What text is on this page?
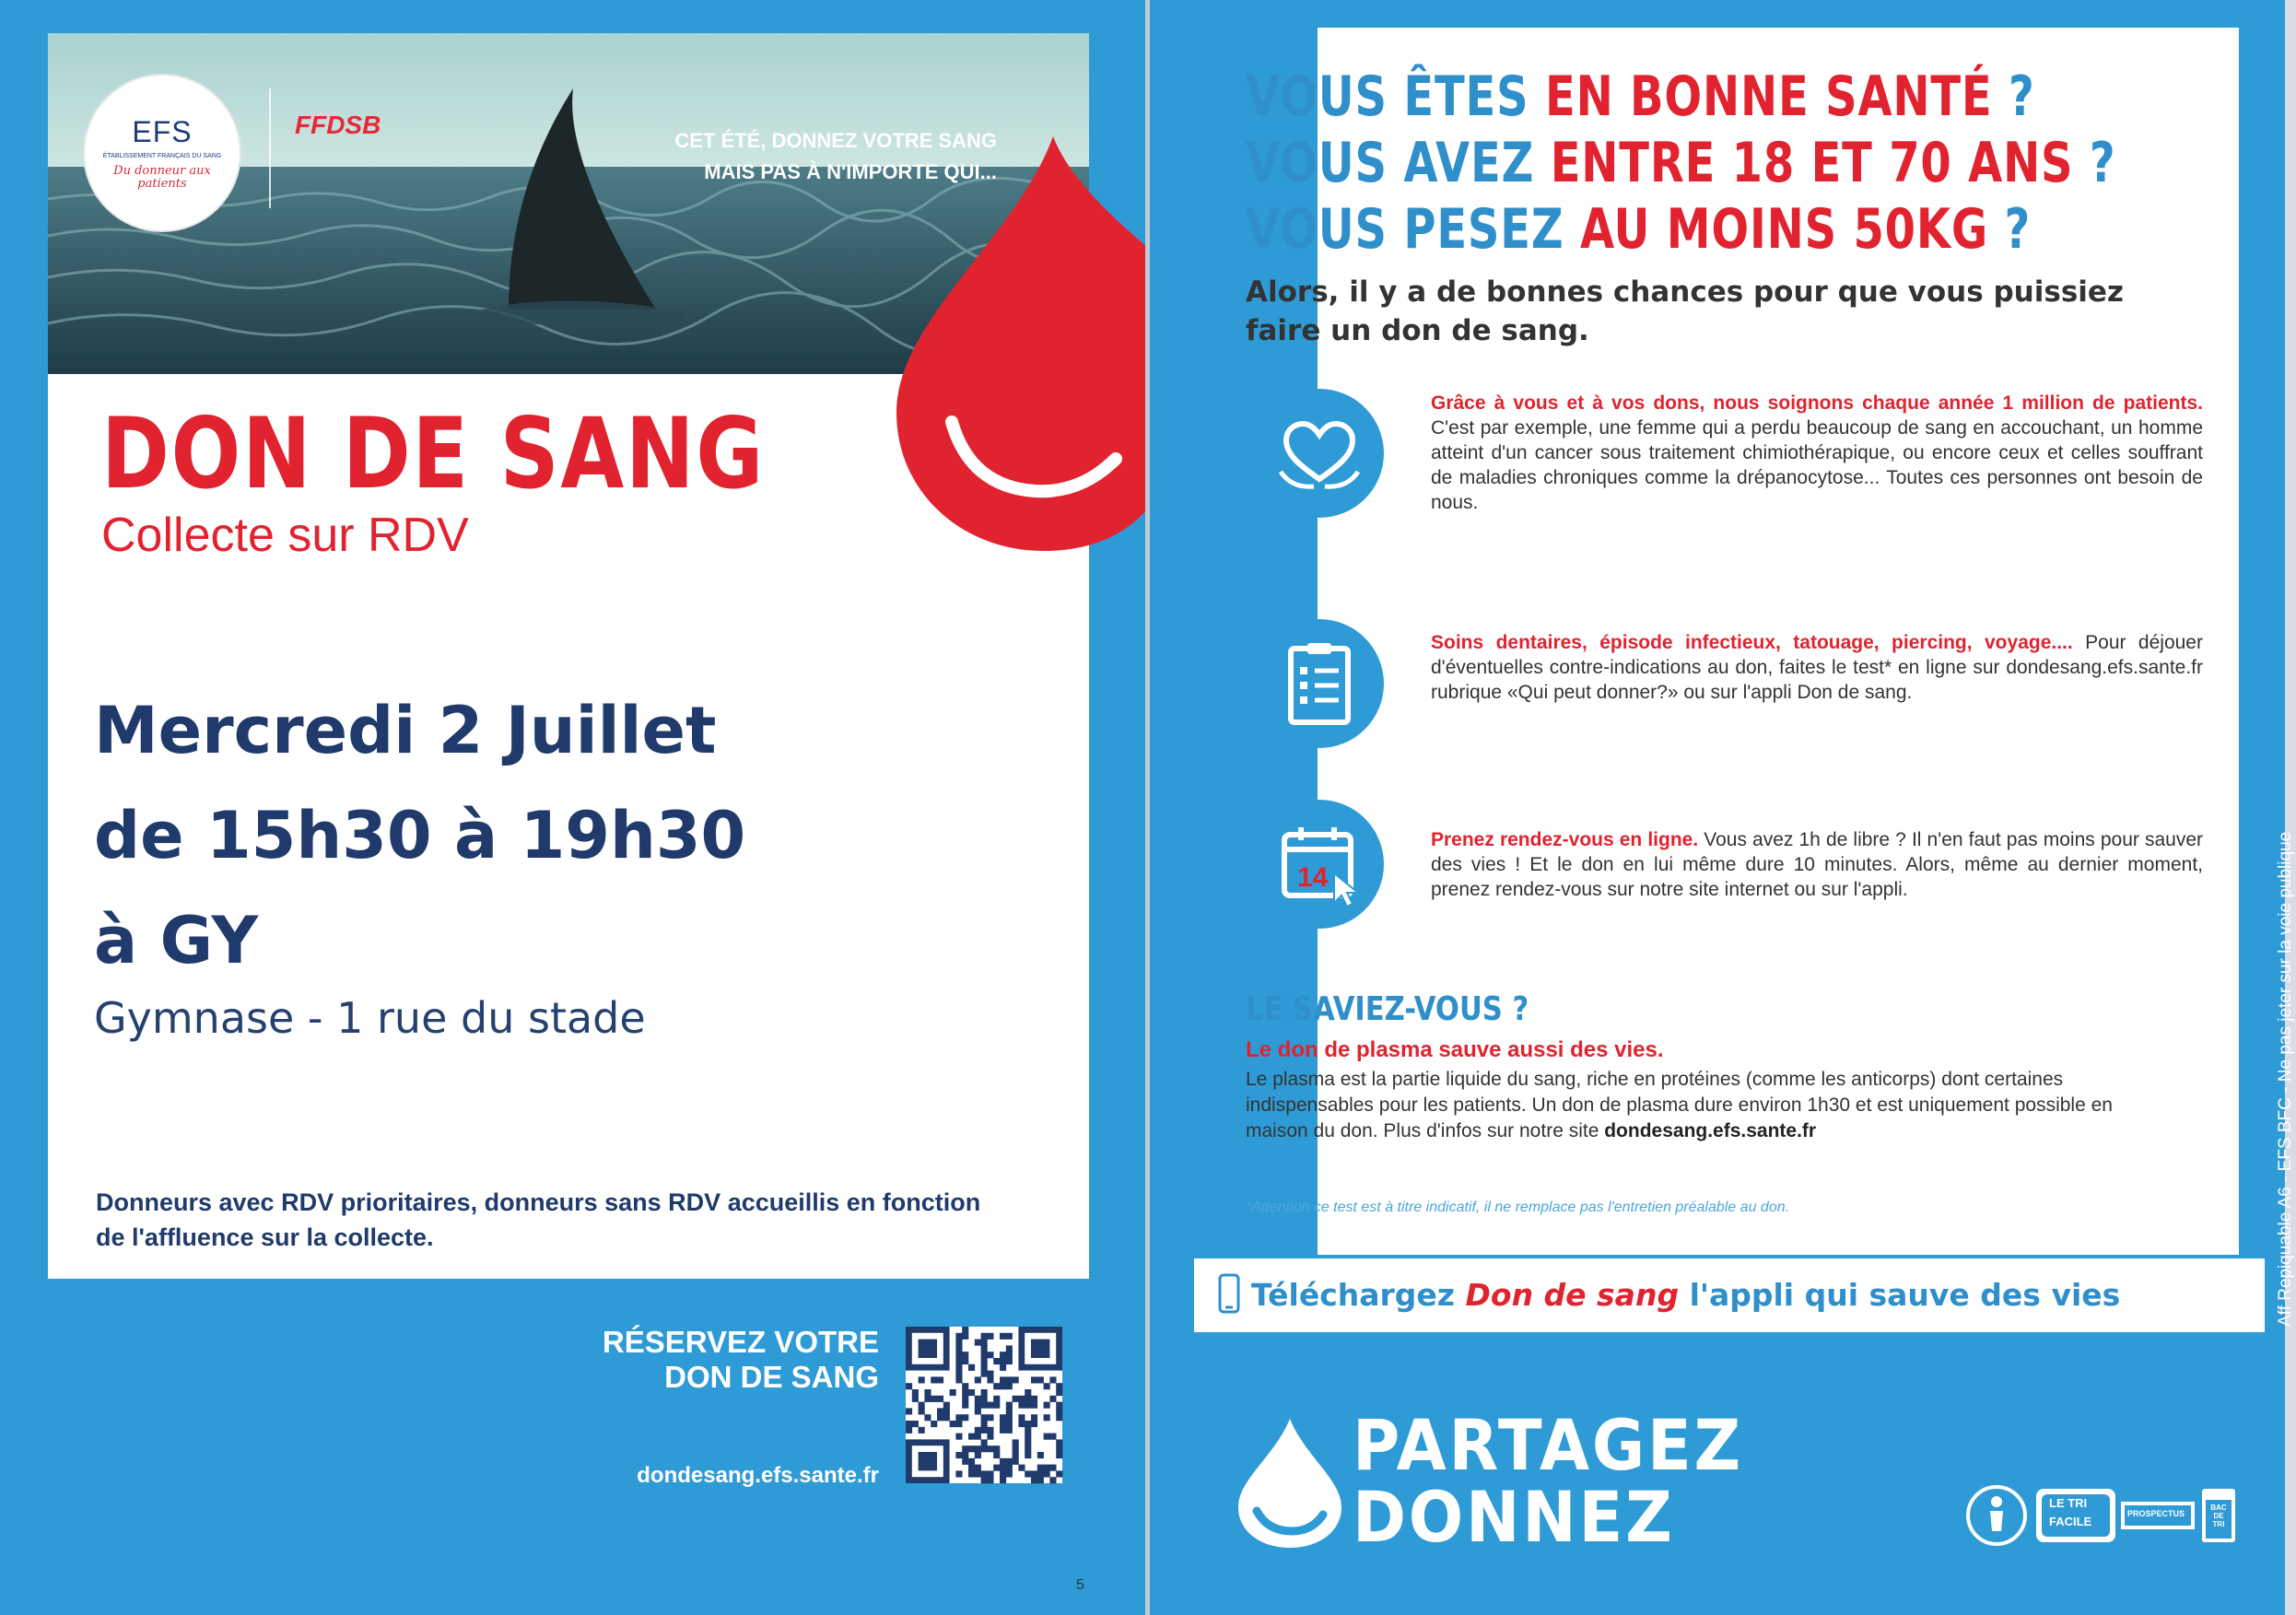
EFS
ÉTABLISSEMENT FRANÇAIS DU SANG
Du donneur aux patients
FFDSB
CET ÉTÉ, DONNEZ VOTRE SANG
MAIS PAS À N'IMPORTE QUI...
DON DE SANG
Collecte sur RDV
Mercredi 2 Juillet
de 15h30 à 19h30
à GY
Gymnase - 1 rue du stade
Donneurs avec RDV prioritaires, donneurs sans RDV accueillis en fonction de l'affluence sur la collecte.
RÉSERVEZ VOTRE
DON DE SANG
dondesang.efs.sante.fr
5
VOUS ÊTES EN BONNE SANTÉ ?
VOUS AVEZ ENTRE 18 ET 70 ANS ?
VOUS PESEZ AU MOINS 50KG ?
Alors, il y a de bonnes chances pour que vous puissiez faire un don de sang.
Grâce à vous et à vos dons, nous soignons chaque année 1 million de patients. C'est par exemple, une femme qui a perdu beaucoup de sang en accouchant, un homme atteint d'un cancer sous traitement chimiothérapique, ou encore ceux et celles souffrant de maladies chroniques comme la drépanocytose... Toutes ces personnes ont besoin de nous.
Soins dentaires, épisode infectieux, tatouage, piercing, voyage.... Pour déjouer d'éventuelles contre-indications au don, faites le test* en ligne sur dondesang.efs.sante.fr rubrique «Qui peut donner?» ou sur l'appli Don de sang.
14
Prenez rendez-vous en ligne. Vous avez 1h de libre ? Il n'en faut pas moins pour sauver des vies ! Et le don en lui même dure 10 minutes. Alors, même au dernier moment, prenez rendez-vous sur notre site internet ou sur l'appli.
LE SAVIEZ-VOUS ?
Le don de plasma sauve aussi des vies.
Le plasma est la partie liquide du sang, riche en protéines (comme les anticorps) dont certaines indispensables pour les patients. Un don de plasma dure environ 1h30 et est uniquement possible en maison du don. Plus d'infos sur notre site dondesang.efs.sante.fr
*Attention ce test est à titre indicatif, il ne remplace pas l'entretien préalable au don.
Téléchargez Don de sang l'appli qui sauve des vies	Aff Repiquable A6 - EFS BFC - Ne pas jeter sur la voie publique
PARTAGEZ
DONNEZ	LE TRI
FACILE
PROSPECTUS
BAC DE TRI
